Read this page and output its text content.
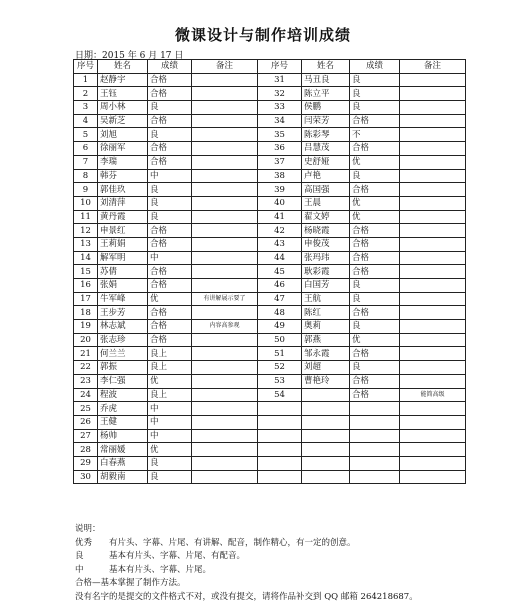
微课设计与制作培训成绩
日期：2015 年 6 月 17 日
序号	姓名	成绩	备注	序号	姓名	成绩	备注
1	赵静宇	合格		31	马丑良	良	
2	王钰	合格		32	陈立平	良	
3	周小林	良		33	侯鹏	良	
4	吴新芝	合格		34	闫荣芳	合格	
5	刘旭	良		35	陈彩琴	不	
6	徐丽军	合格		36	吕慧茂	合格	
7	李瑞	合格		37	史舒娅	优	
8	韩芬	中		38	卢艳	良	
9	郭佳玖	良		39	高国强	合格	
10	刘清萍	良		40	王晨	优	
11	黄丹霞	良		41	翟文婷	优	
12	申景红	合格		42	杨晓霞	合格	
13	王莉娟	合格		43	申俊茂	合格	
14	解军明	中		44	张玛玮	合格	
15	苏倩	合格		45	耿彩霞	合格	
16	张娟	合格		46	白国芳	良	
17	牛军峰	优	有讲解展示要了	47	王航	良	
18	王步芳	合格		48	陈红	合格	
19	林志斌	合格	内容高参观	49	奥莉	良	
20	张志珍	合格		50	郭燕	优	
21	何兰兰	良上		51	邹永霞	合格	
22	郭振	良上		52	刘超	良	
23	李仁强	优		53	曹艳玲	合格	
24	程波	良上		54		合格	能简高级
25	乔虎	中					
26	王健	中					
27	杨帅	中					
28	常丽媛	优					
29	白春燕	良					
30	胡毅南	良					
说明：
优秀 有片头、字幕、片尾、有讲解、配音，制作精心，有一定的创意。
良	基本有片头、字幕、片尾、有配音。
中	基本有片头、字幕、片尾。
合格—基本掌握了制作方法。
没有名字的是提交的文件格式不对，或没有提交，请将作品补交到 QQ 邮箱 264218687。
